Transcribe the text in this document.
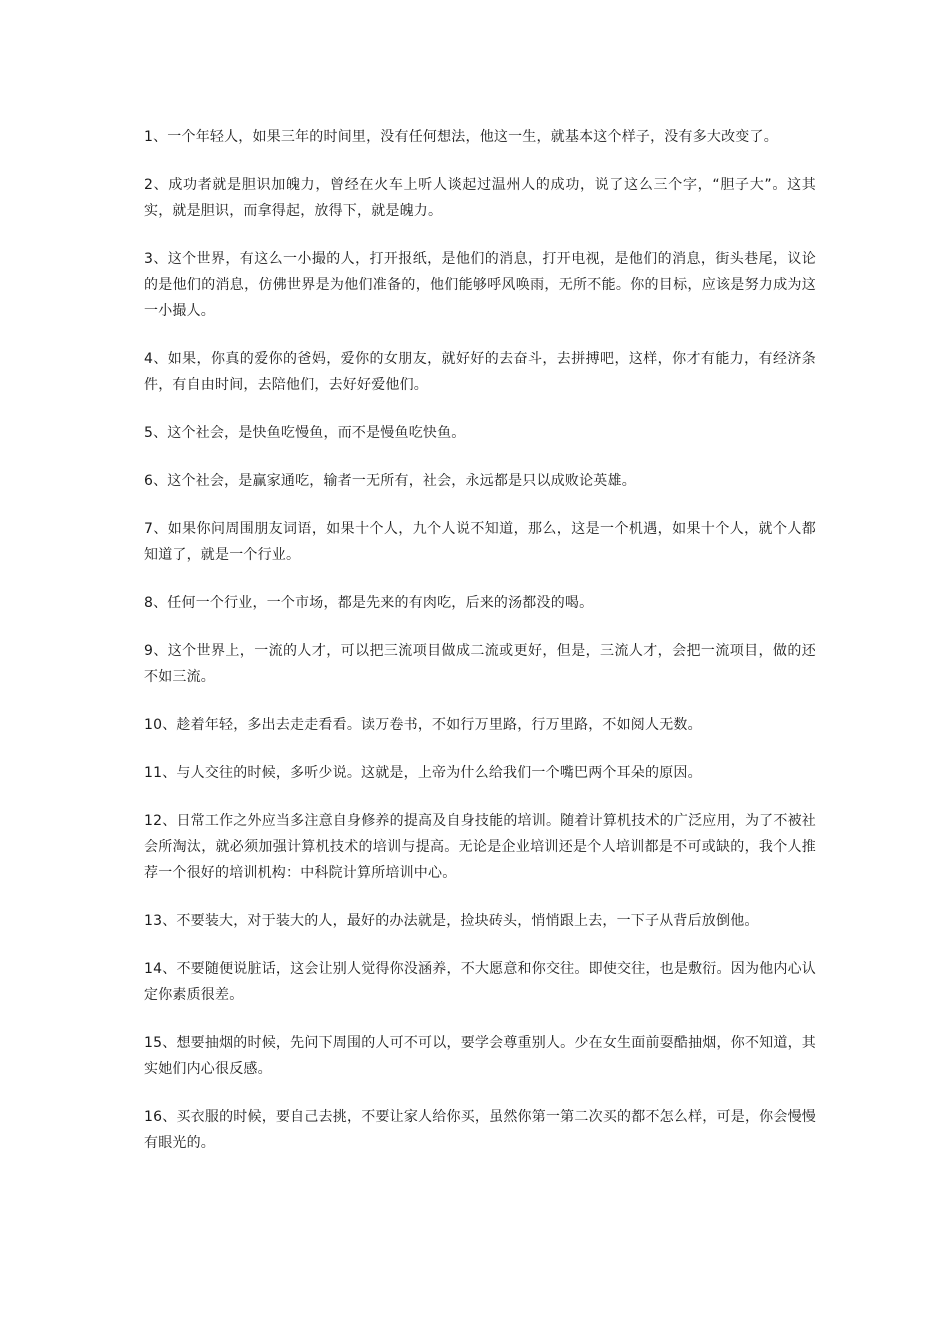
1、一个年轻人，如果三年的时间里，没有任何想法，他这一生，就基本这个样子，没有多大改变了。

2、成功者就是胆识加魄力，曾经在火车上听人谈起过温州人的成功，说了这么三个字，“胆子大”。这其实，就是胆识，而拿得起，放得下，就是魄力。

3、这个世界，有这么一小撮的人，打开报纸，是他们的消息，打开电视，是他们的消息，街头巷尾，议论的是他们的消息，仿佛世界是为他们准备的，他们能够呼风唤雨，无所不能。你的目标，应该是努力成为这一小撮人。

4、如果，你真的爱你的爸妈，爱你的女朋友，就好好的去奋斗，去拼搏吧，这样，你才有能力，有经济条件，有自由时间，去陪他们，去好好爱他们。

5、这个社会，是快鱼吃慢鱼，而不是慢鱼吃快鱼。

6、这个社会，是赢家通吃，输者一无所有，社会，永远都是只以成败论英雄。

7、如果你问周围朋友词语，如果十个人，九个人说不知道，那么，这是一个机遇，如果十个人，就个人都知道了，就是一个行业。

8、任何一个行业，一个市场，都是先来的有肉吃，后来的汤都没的喝。

9、这个世界上，一流的人才，可以把三流项目做成二流或更好，但是，三流人才，会把一流项目，做的还不如三流。

10、趁着年轻，多出去走走看看。读万卷书，不如行万里路，行万里路，不如阅人无数。

11、与人交往的时候，多听少说。这就是，上帝为什么给我们一个嘴巴两个耳朵的原因。

12、日常工作之外应当多注意自身修养的提高及自身技能的培训。随着计算机技术的广泛应用，为了不被社会所淘汰，就必须加强计算机技术的培训与提高。无论是企业培训还是个人培训都是不可或缺的，我个人推荐一个很好的培训机构：中科院计算所培训中心。

13、不要装大，对于装大的人，最好的办法就是，捡块砖头，悄悄跟上去，一下子从背后放倒他。

14、不要随便说脏话，这会让别人觉得你没涵养，不大愿意和你交往。即使交往，也是敷衍。因为他内心认定你素质很差。

15、想要抽烟的时候，先问下周围的人可不可以，要学会尊重别人。少在女生面前耍酷抽烟，你不知道，其实她们内心很反感。

16、买衣服的时候，要自己去挑，不要让家人给你买，虽然你第一第二次买的都不怎么样，可是，你会慢慢有眼光的。
